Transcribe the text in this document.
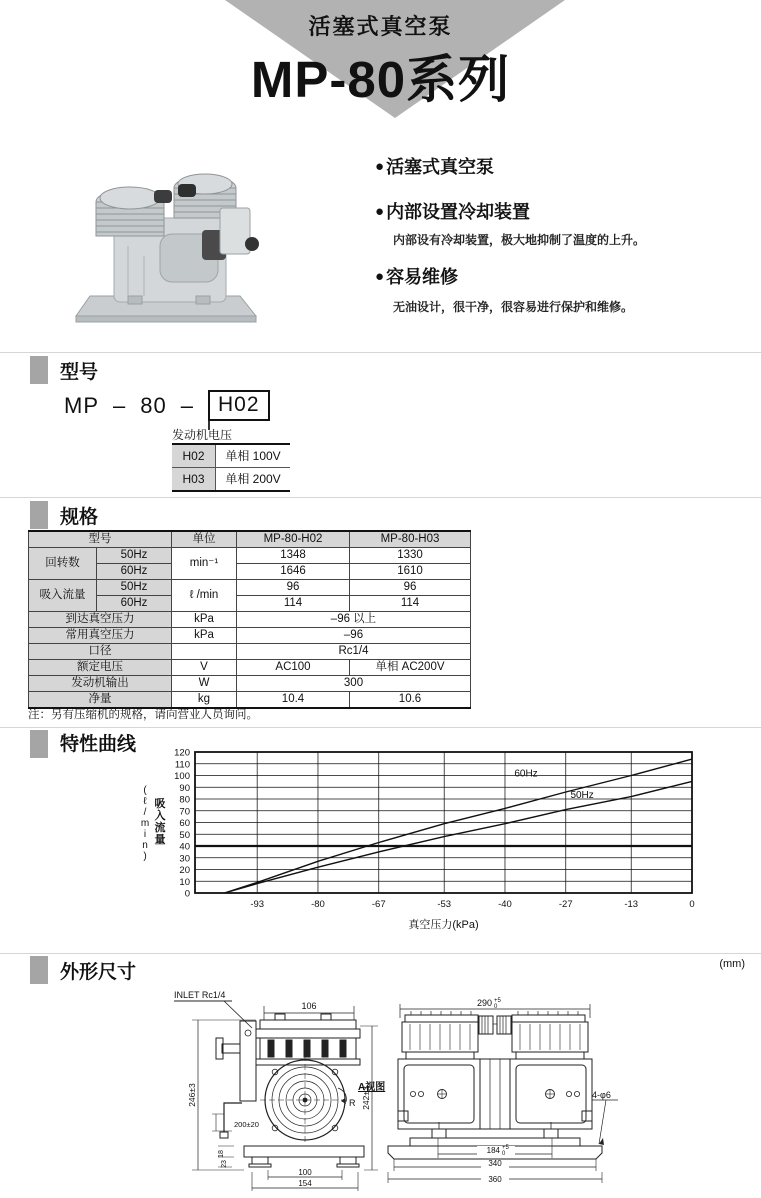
活塞式真空泵
MP-80系列
● 活塞式真空泵
● 内部设置冷却装置
内部设有冷却装置，极大地抑制了温度的上升。
● 容易维修
无油设计，很干净，很容易进行保护和维修。
型号
MP – 80 –	H02
发动机电压
H02	单相 100V
H03	单相 200V
规格
型号		单位	MP-80-H02	MP-80-H03
回转数	50Hz	min⁻¹	1348	1330
	60Hz		1646	1610
吸入流量	50Hz	ℓ /min	96	96
	60Hz		114	114
到达真空压力		kPa	–96 以上	
常用真空压力		kPa	–96	
口径			Rc1/4	
额定电压		V	AC100	单相 AC200V
发动机输出		W	300	
净量		kg	10.4	10.6
注：另有压缩机的规格，请向营业人员询问。
特性曲线
(
ℓ
/
m
i
n
)
吸
入
流
量
0
10
20
30
40
50
60
70
80
90
100
110
120
-93	-80	-67	-53	-40	-27	-13	0
60Hz
50Hz
真空压力(kPa)
外形尺寸	(mm)
A视图
INLET Rc1/4
106
246±3	242±3
R
200±20
18
23
100
154
290 +5
0
184 +5
0
340
360
4-φ6
